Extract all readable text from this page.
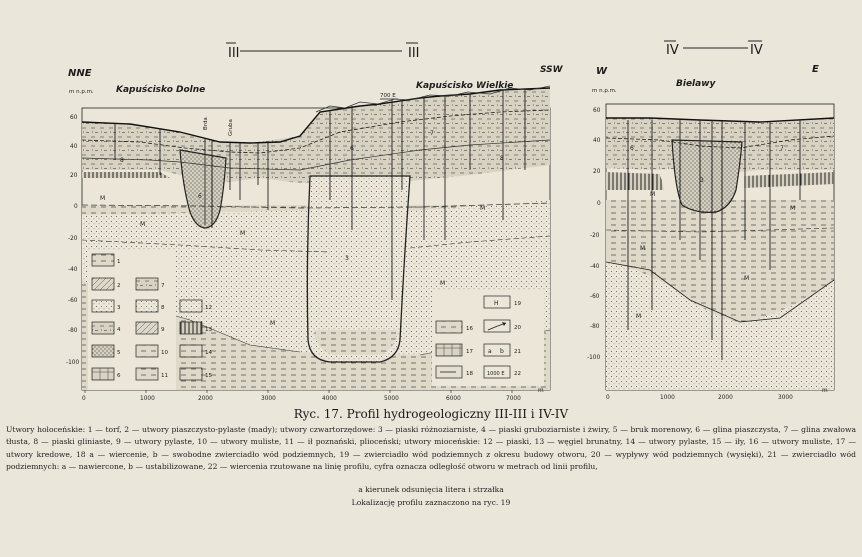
III	III	IV	IV
NNE	SSW
m n.p.m. Kapuścisko Dolne	Kapuścisko Wielkie
Brda	Gruba
700 E
8
M
M
6
M
M
6
7
M
M
3
8
60
40
20
0
-20
-40
-60
-80
-100
0	1000	2000	3000	4000	5000	6000	7000
m
1
2
3
4
5
6
7
8
9
10
11
12
13
14
15
H
a b
1000 E
16
17
18
19
20
21
22
W	E
m n.p.m.
Bielawy
6
M
3
7
M
M
M
M
60
40
20
0
-20
-40
-60
-80
-100
0	1000	2000	3000
m
Ryc. 17. Profil hydrogeologiczny III-III i IV-IV
Utwory holoceńskie: 1 — torf, 2 — utwory piaszczysto-pylaste (mady); utwory czwartorzędowe: 3 — piaski różnoziarniste, 4 — piaski gruboziarniste i żwiry, 5 — bruk morenowy, 6 — glina piaszczysta, 7 — glina zwałowa tłusta, 8 — piaski gliniaste, 9 — utwory pylaste, 10 — utwory muliste, 11 — ił poznański, plioceński; utwory mioceńskie: 12 — piaski, 13 — węgiel brunatny, 14 — utwory pylaste, 15 — iły, 16 — utwory muliste, 17 — utwory kredowe, 18 a — wiercenie, b — swobodne zwierciadło wód podziemnych, 19 — zwierciadło wód podziemnych z okresu budowy otworu, 20 — wypływy wód podziemnych (wysięki), 21 — zwierciadło wód podziemnych: a — nawiercone, b — ustabilizowane, 22 — wiercenia rzutowane na linię profilu, cyfra oznacza odległość otworu w metrach od linii profilu,
a kierunek odsunięcia litera i strzałka
Lokalizację profilu zaznaczono na ryc. 19
